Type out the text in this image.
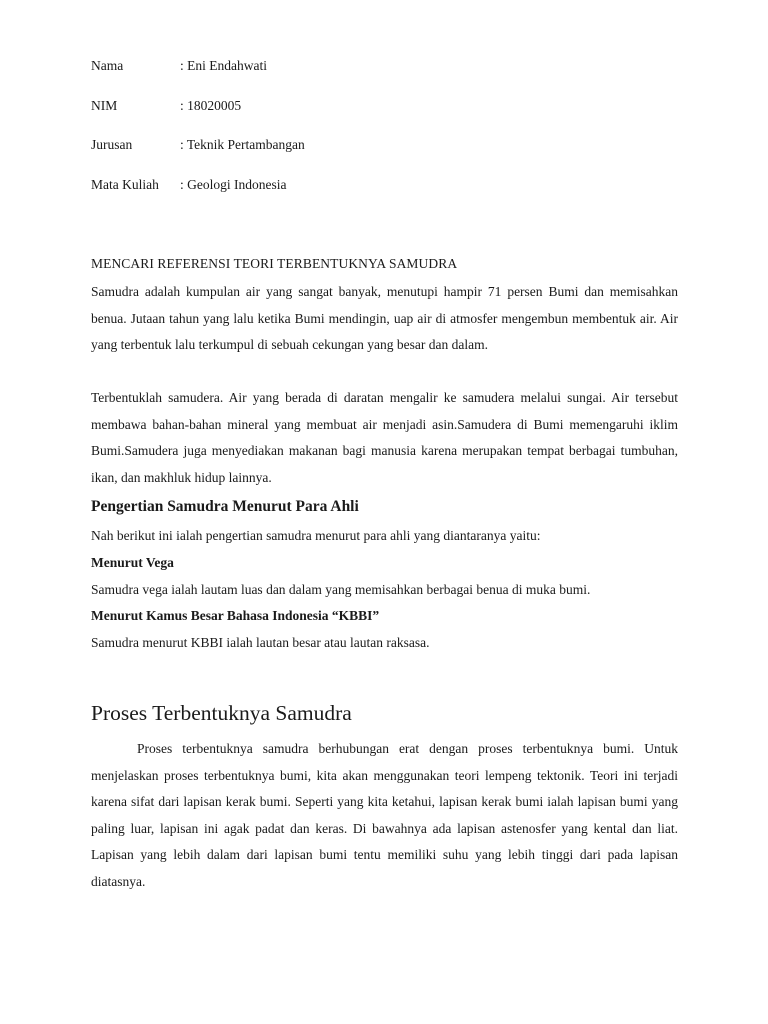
Nama	: Eni Endahwati
NIM	: 18020005
Jurusan	: Teknik Pertambangan
Mata Kuliah	: Geologi Indonesia
MENCARI REFERENSI TEORI TERBENTUKNYA SAMUDRA

Samudra adalah kumpulan air yang sangat banyak, menutupi hampir 71 persen Bumi dan memisahkan benua. Jutaan tahun yang lalu ketika Bumi mendingin, uap air di atmosfer mengembun membentuk air. Air yang terbentuk lalu terkumpul di sebuah cekungan yang besar dan dalam.

Terbentuklah samudera. Air yang berada di daratan mengalir ke samudera melalui sungai. Air tersebut membawa bahan-bahan mineral yang membuat air menjadi asin.Samudera di Bumi memengaruhi iklim Bumi.Samudera juga menyediakan makanan bagi manusia karena merupakan tempat berbagai tumbuhan, ikan, dan makhluk hidup lainnya.

Pengertian Samudra Menurut Para Ahli
Nah berikut ini ialah pengertian samudra menurut para ahli yang diantaranya yaitu:
Menurut Vega
Samudra vega ialah lautam luas dan dalam yang memisahkan berbagai benua di muka bumi.
Menurut Kamus Besar Bahasa Indonesia “KBBI”
Samudra menurut KBBI ialah lautan besar atau lautan raksasa.
Proses Terbentuknya Samudra

Proses terbentuknya samudra berhubungan erat dengan proses terbentuknya bumi. Untuk menjelaskan proses terbentuknya bumi, kita akan menggunakan teori lempeng tektonik. Teori ini terjadi karena sifat dari lapisan kerak bumi. Seperti yang kita ketahui, lapisan kerak bumi ialah lapisan bumi yang paling luar, lapisan ini agak padat dan keras. Di bawahnya ada lapisan astenosfer yang kental dan liat. Lapisan yang lebih dalam dari lapisan bumi tentu memiliki suhu yang lebih tinggi dari pada lapisan diatasnya.
